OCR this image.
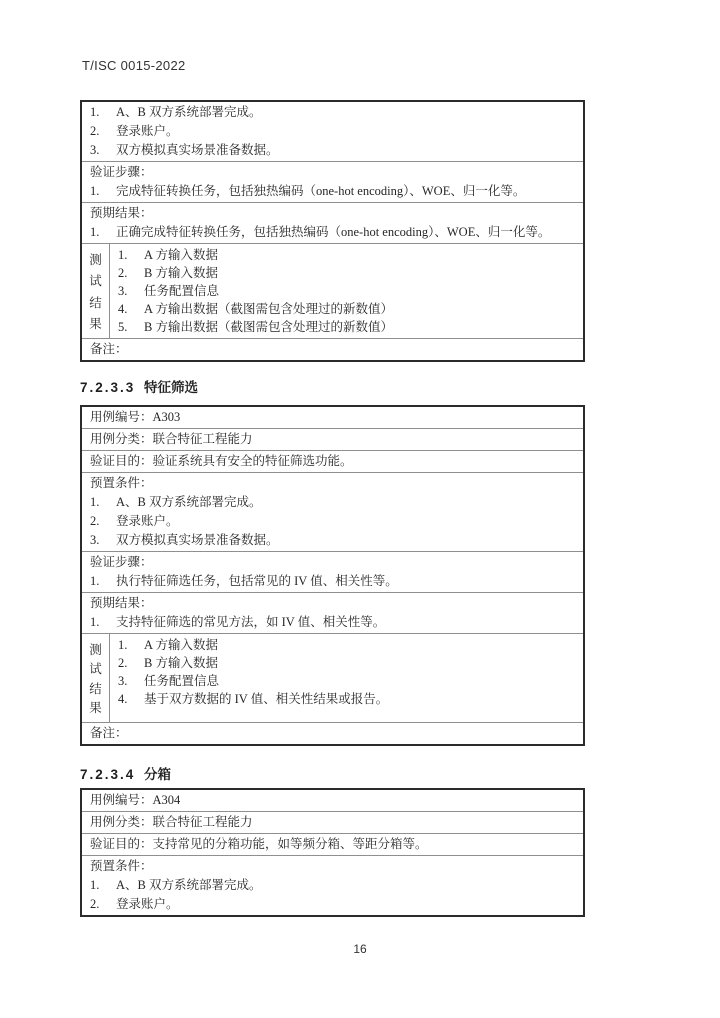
T/ISC 0015-2022
1. A、B 双方系统部署完成。
2. 登录账户。
3. 双方模拟真实场景准备数据。
验证步骤：
1. 完成特征转换任务，包括独热编码（one-hot encoding）、WOE、归一化等。
预期结果：
1. 正确完成特征转换任务，包括独热编码（one-hot encoding）、WOE、归一化等。
测
试
结
果
1. A 方输入数据
2. B 方输入数据
3. 任务配置信息
4. A 方输出数据（截图需包含处理过的新数值）
5. B 方输出数据（截图需包含处理过的新数值）
备注：
7.2.3.3 特征筛选
用例编号：A303
用例分类：联合特征工程能力
验证目的：验证系统具有安全的特征筛选功能。
预置条件：
1. A、B 双方系统部署完成。
2. 登录账户。
3. 双方模拟真实场景准备数据。
验证步骤：
1. 执行特征筛选任务，包括常见的 IV 值、相关性等。
预期结果：
1. 支持特征筛选的常见方法，如 IV 值、相关性等。
测
试
结
果
1. A 方输入数据
2. B 方输入数据
3. 任务配置信息
4. 基于双方数据的 IV 值、相关性结果或报告。
备注：
7.2.3.4 分箱
用例编号：A304
用例分类：联合特征工程能力
验证目的：支持常见的分箱功能，如等频分箱、等距分箱等。
预置条件：
1. A、B 双方系统部署完成。
2. 登录账户。
16
